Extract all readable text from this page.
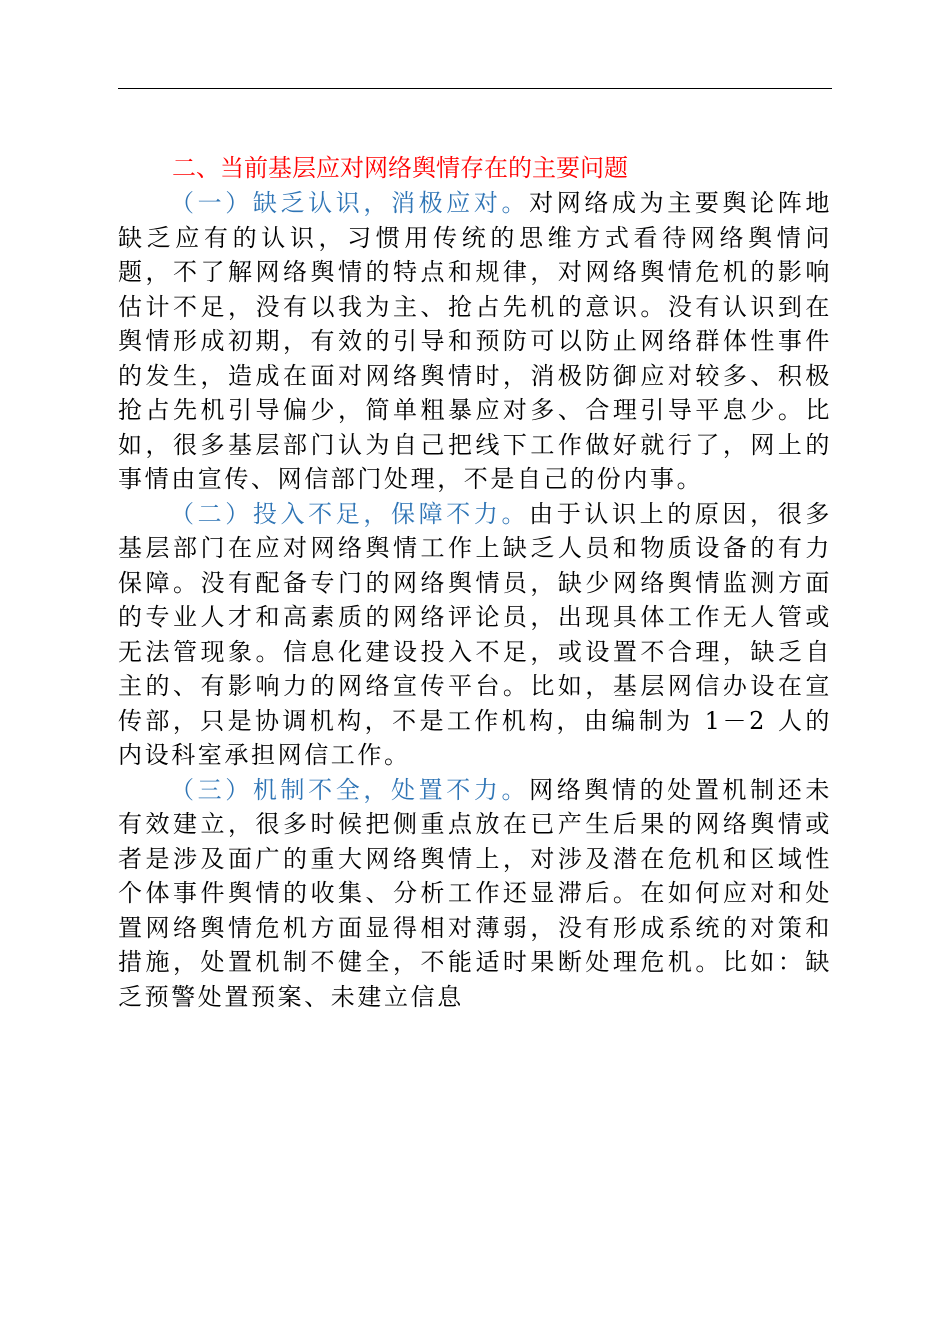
二、当前基层应对网络舆情存在的主要问题

（一）缺乏认识，消极应对。对网络成为主要舆论阵地缺乏应有的认识，习惯用传统的思维方式看待网络舆情问题，不了解网络舆情的特点和规律，对网络舆情危机的影响估计不足，没有以我为主、抢占先机的意识。没有认识到在舆情形成初期，有效的引导和预防可以防止网络群体性事件的发生，造成在面对网络舆情时，消极防御应对较多、积极抢占先机引导偏少，简单粗暴应对多、合理引导平息少。比如，很多基层部门认为自己把线下工作做好就行了，网上的事情由宣传、网信部门处理，不是自己的份内事。

（二）投入不足，保障不力。由于认识上的原因，很多基层部门在应对网络舆情工作上缺乏人员和物质设备的有力保障。没有配备专门的网络舆情员，缺少网络舆情监测方面的专业人才和高素质的网络评论员，出现具体工作无人管或无法管现象。信息化建设投入不足，或设置不合理，缺乏自主的、有影响力的网络宣传平台。比如，基层网信办设在宣传部，只是协调机构，不是工作机构，由编制为 1－2 人的内设科室承担网信工作。

（三）机制不全，处置不力。网络舆情的处置机制还未有效建立，很多时候把侧重点放在已产生后果的网络舆情或者是涉及面广的重大网络舆情上，对涉及潜在危机和区域性个体事件舆情的收集、分析工作还显滞后。在如何应对和处置网络舆情危机方面显得相对薄弱，没有形成系统的对策和措施，处置机制不健全，不能适时果断处理危机。比如：缺乏预警处置预案、未建立信息
